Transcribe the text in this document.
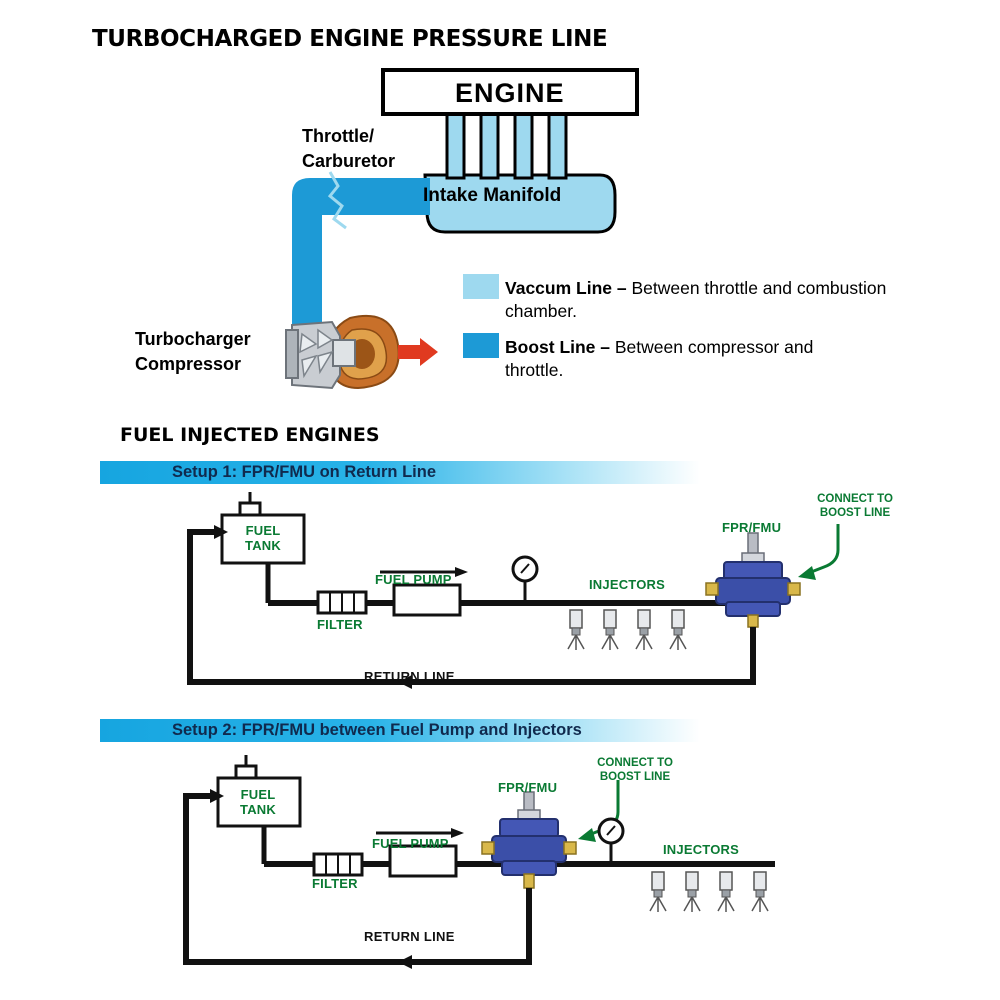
ENGINE
Intake Manifold
Throttle/
Carburetor
Turbocharger
Compressor
Vaccum Line – Between throttle and combustion chamber.
Boost Line – Between compressor and throttle.
TURBOCHARGED ENGINE PRESSURE LINE
FUEL INJECTED ENGINES
Setup 1: FPR/FMU on Return Line
FUEL
TANK
FUEL PUMP
FILTER
INJECTORS
FPR/FMU
CONNECT TO
BOOST LINE
RETURN LINE
Setup 2: FPR/FMU between Fuel Pump and Injectors
FUEL
TANK
FUEL PUMP
FILTER
INJECTORS
FPR/FMU
CONNECT TO
BOOST LINE
RETURN LINE
